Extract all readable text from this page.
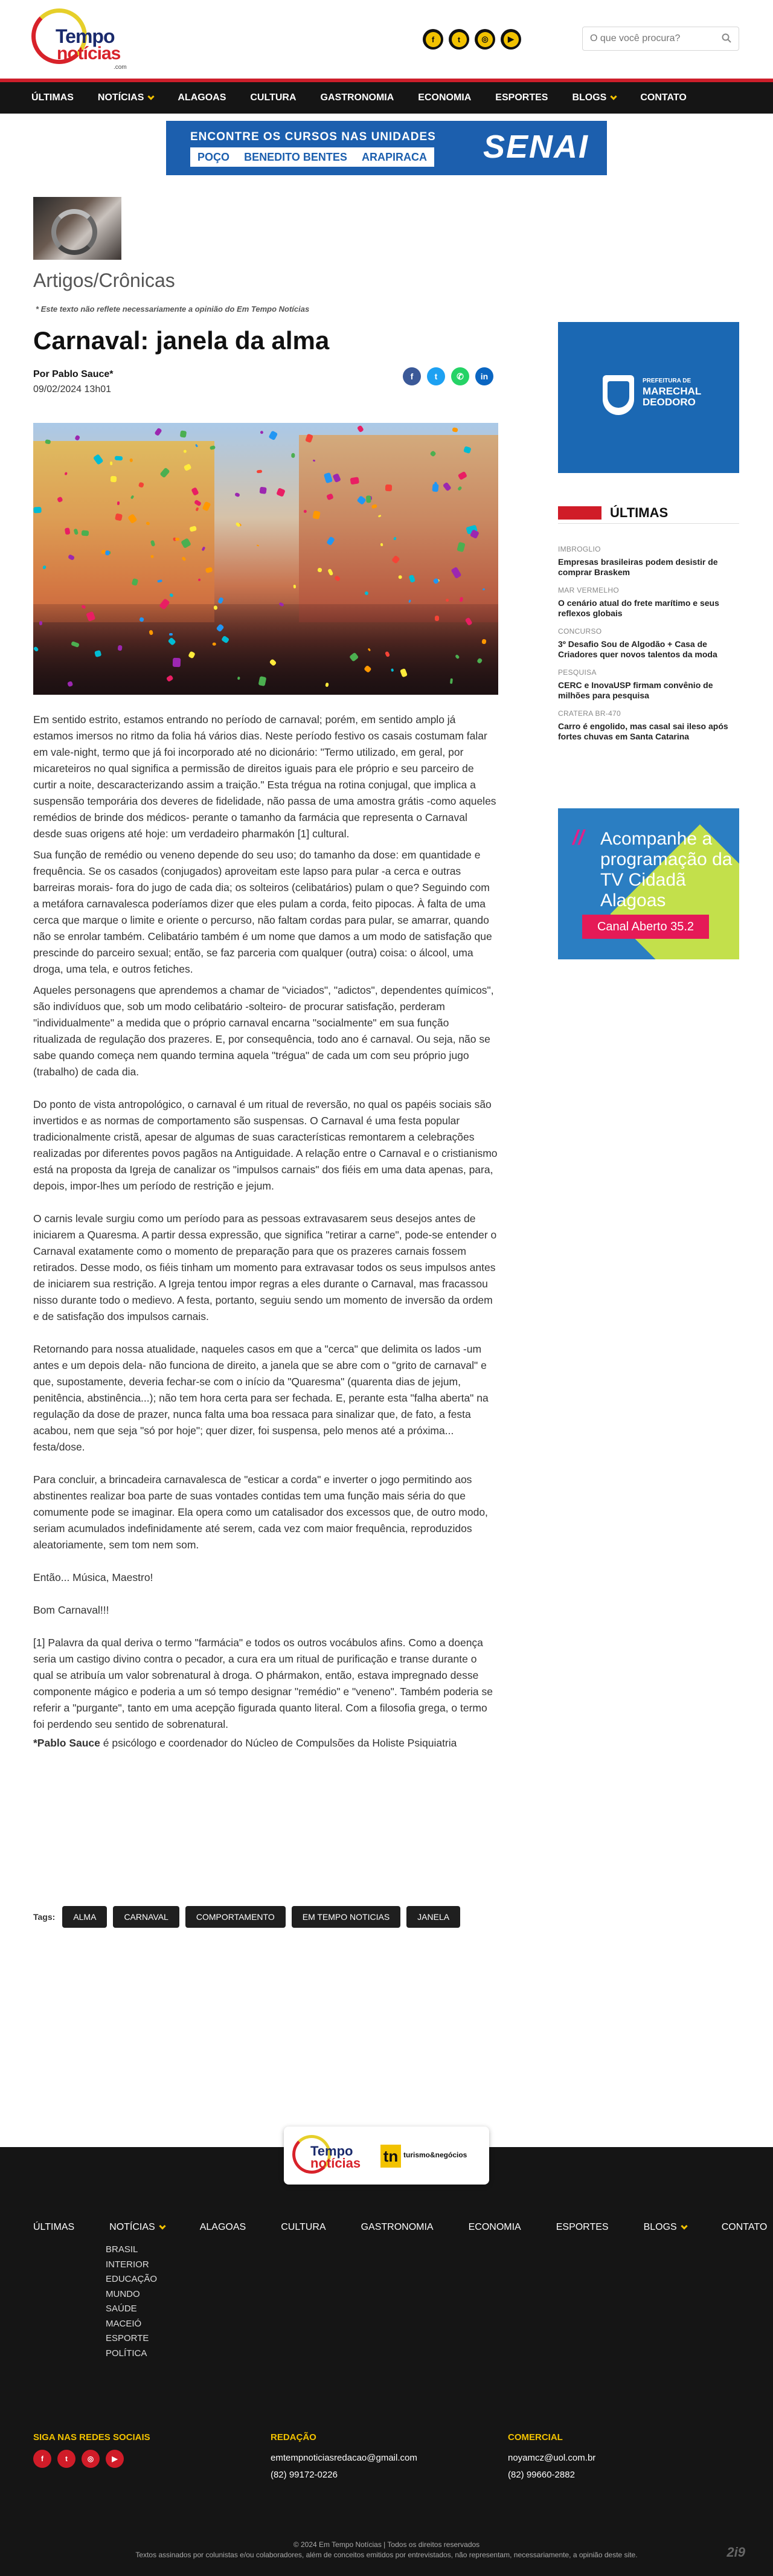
Tempo
notícias
.com
f	t	◎	▶
O que você procura?
ÚLTIMAS	NOTÍCIAS	ALAGOAS	CULTURA	GASTRONOMIA	ECONOMIA	ESPORTES	BLOGS	CONTATO
ENCONTRE OS CURSOS NAS UNIDADES
POÇO BENEDITO BENTES ARAPIRACA SENAI
Artigos/Crônicas
* Este texto não reflete necessariamente a opinião do Em Tempo Notícias
Carnaval: janela da alma
Por Pablo Sauce*
09/02/2024 13h01
f	t	✆	in

Em sentido estrito, estamos entrando no período de carnaval; porém, em sentido amplo já estamos imersos no ritmo da folia há vários dias. Neste período festivo os casais costumam falar em vale-night, termo que já foi incorporado até no dicionário: "Termo utilizado, em geral, por micareteiros no qual significa a permissão de direitos iguais para ele próprio e seu parceiro de curtir a noite, descaracterizando assim a traição." Esta trégua na rotina conjugal, que implica a suspensão temporária dos deveres de fidelidade, não passa de uma amostra grátis -como aqueles remédios de brinde dos médicos- perante o tamanho da farmácia que representa o Carnaval desde suas origens até hoje: um verdadeiro pharmakón [1] cultural.

Sua função de remédio ou veneno depende do seu uso; do tamanho da dose: em quantidade e frequência. Se os casados (conjugados) aproveitam este lapso para pular -a cerca e outras barreiras morais- fora do jugo de cada dia; os solteiros (celibatários) pulam o que? Seguindo com a metáfora carnavalesca poderíamos dizer que eles pulam a corda, feito pipocas. À falta de uma cerca que marque o limite e oriente o percurso, não faltam cordas para pular, se amarrar, quando não se enrolar também. Celibatário também é um nome que damos a um modo de satisfação que prescinde do parceiro sexual; então, se faz parceria com qualquer (outra) coisa: o álcool, uma droga, uma tela, e outros fetiches.

Aqueles personagens que aprendemos a chamar de "viciados", "adictos", dependentes químicos", são indivíduos que, sob um modo celibatário -solteiro- de procurar satisfação, perderam "individualmente" a medida que o próprio carnaval encarna "socialmente" em sua função ritualizada de regulação dos prazeres. E, por consequência, todo ano é carnaval. Ou seja, não se sabe quando começa nem quando termina aquela "trégua" de cada um com seu próprio jugo (trabalho) de cada dia.

Do ponto de vista antropológico, o carnaval é um ritual de reversão, no qual os papéis sociais são invertidos e as normas de comportamento são suspensas. O Carnaval é uma festa popular tradicionalmente cristã, apesar de algumas de suas características remontarem a celebrações realizadas por diferentes povos pagãos na Antiguidade. A relação entre o Carnaval e o cristianismo está na proposta da Igreja de canalizar os "impulsos carnais" dos fiéis em uma data apenas, para, depois, impor-lhes um período de restrição e jejum.

O carnis levale surgiu como um período para as pessoas extravasarem seus desejos antes de iniciarem a Quaresma. A partir dessa expressão, que significa "retirar a carne", pode-se entender o Carnaval exatamente como o momento de preparação para que os prazeres carnais fossem retirados. Desse modo, os fiéis tinham um momento para extravasar todos os seus impulsos antes de iniciarem sua restrição. A Igreja tentou impor regras a eles durante o Carnaval, mas fracassou nisso durante todo o medievo. A festa, portanto, seguiu sendo um momento de inversão da ordem e de satisfação dos impulsos carnais.

Retornando para nossa atualidade, naqueles casos em que a "cerca" que delimita os lados -um antes e um depois dela- não funciona de direito, a janela que se abre com o "grito de carnaval" e que, supostamente, deveria fechar-se com o início da "Quaresma" (quarenta dias de jejum, penitência, abstinência...); não tem hora certa para ser fechada. E, perante esta "falha aberta" na regulação da dose de prazer, nunca falta uma boa ressaca para sinalizar que, de fato, a festa acabou, nem que seja "só por hoje"; quer dizer, foi suspensa, pelo menos até a próxima... festa/dose.

Para concluir, a brincadeira carnavalesca de "esticar a corda" e inverter o jogo permitindo aos abstinentes realizar boa parte de suas vontades contidas tem uma função mais séria do que comumente pode se imaginar. Ela opera como um catalisador dos excessos que, de outro modo, seriam acumulados indefinidamente até serem, cada vez com maior frequência, reproduzidos aleatoriamente, sem tom nem som.

Então... Música, Maestro!

Bom Carnaval!!!

[1] Palavra da qual deriva o termo "farmácia" e todos os outros vocábulos afins. Como a doença seria um castigo divino contra o pecador, a cura era um ritual de purificação e transe durante o qual se atribuía um valor sobrenatural à droga. O phármakon, então, estava impregnado desse componente mágico e poderia a um só tempo designar "remédio" e "veneno". Também poderia se referir a "purgante", tanto em uma acepção figurada quanto literal. Com a filosofia grega, o termo foi perdendo seu sentido de sobrenatural.

*Pablo Sauce é psicólogo e coordenador do Núcleo de Compulsões da Holiste Psiquiatria

Tags:	ALMA	CARNAVAL	COMPORTAMENTO	EM TEMPO NOTICIAS	JANELA
PREFEITURA DE
MARECHAL DEODORO
ÚLTIMAS
IMBROGLIO
Empresas brasileiras podem desistir de comprar Braskem
MAR VERMELHO
O cenário atual do frete marítimo e seus reflexos globais
CONCURSO
3º Desafio Sou de Algodão + Casa de Criadores quer novos talentos da moda
PESQUISA
CERC e InovaUSP firmam convênio de milhões para pesquisa
CRATERA BR-470
Carro é engolido, mas casal sai ileso após fortes chuvas em Santa Catarina
// Acompanhe a programação da TV Cidadã Alagoas
Canal Aberto 35.2
Tempo
notícias tn turismo&negócios
ÚLTIMAS	NOTÍCIAS	ALAGOAS	CULTURA	GASTRONOMIA	ECONOMIA	ESPORTES	BLOGS	CONTATO
BRASIL
INTERIOR
EDUCAÇÃO
MUNDO
SAÚDE
MACEIÓ
ESPORTE
POLÍTICA
SIGA NAS REDES SOCIAIS
f	t	◎	▶
REDAÇÃO
emtempnoticiasredacao@gmail.com
(82) 99172-0226
COMERCIAL
noyamcz@uol.com.br
(82) 99660-2882
© 2024 Em Tempo Notícias | Todos os direitos reservados
Textos assinados por colunistas e/ou colaboradores, além de conceitos emitidos por entrevistados, não representam, necessariamente, a opinião deste site.	2i9
